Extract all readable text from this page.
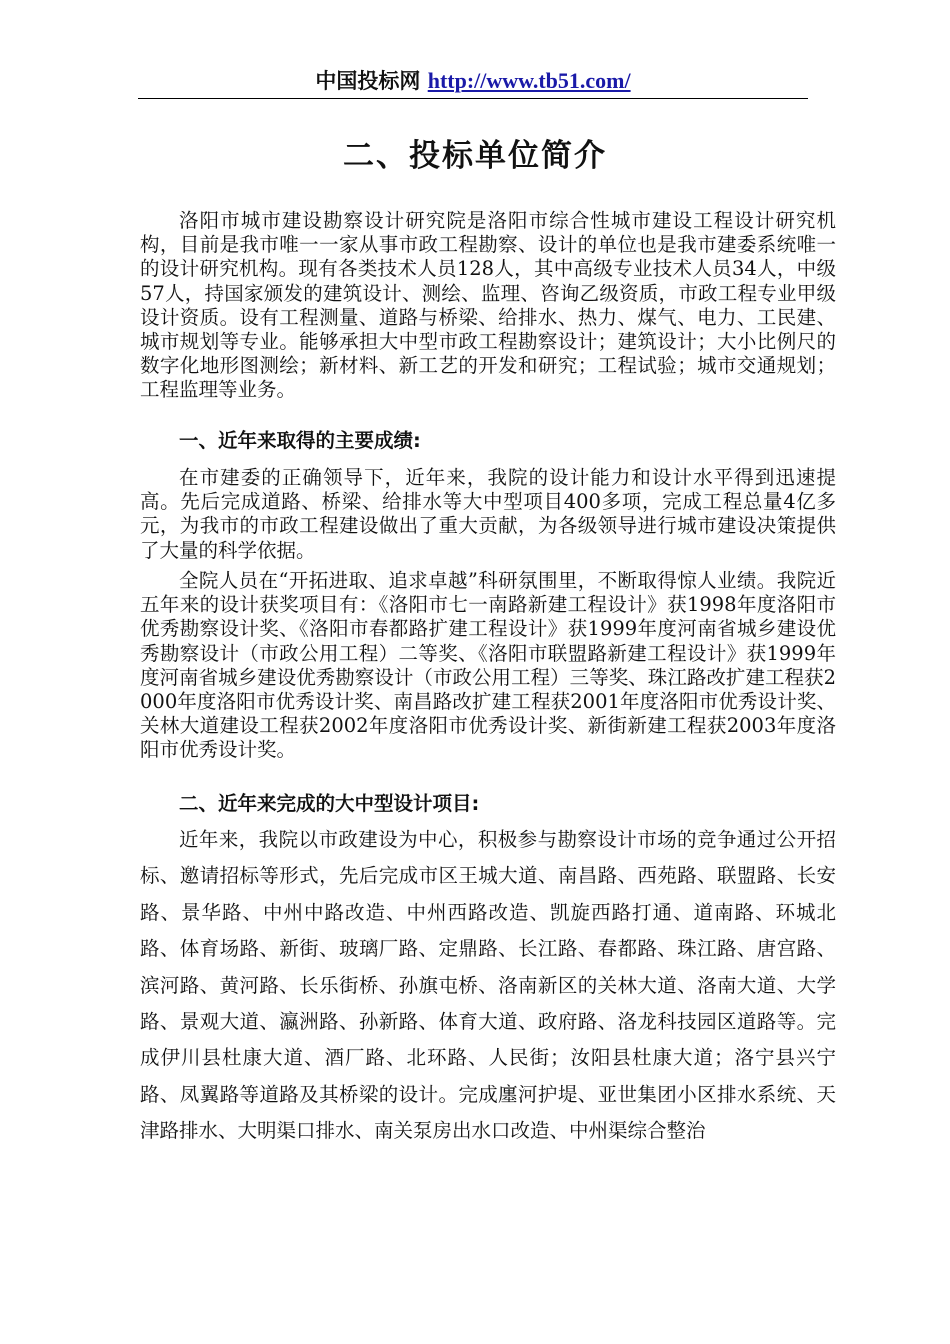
中国投标网 http://www.tb51.com/
二、投标单位简介

洛阳市城市建设勘察设计研究院是洛阳市综合性城市建设工程设计研究机构，目前是我市唯一一家从事市政工程勘察、设计的单位也是我市建委系统唯一的设计研究机构。现有各类技术人员128人，其中高级专业技术人员34人，中级57人，持国家颁发的建筑设计、测绘、监理、咨询乙级资质，市政工程专业甲级设计资质。设有工程测量、道路与桥梁、给排水、热力、煤气、电力、工民建、城市规划等专业。能够承担大中型市政工程勘察设计；建筑设计；大小比例尺的数字化地形图测绘；新材料、新工艺的开发和研究；工程试验；城市交通规划；工程监理等业务。

一、近年来取得的主要成绩:

在市建委的正确领导下，近年来，我院的设计能力和设计水平得到迅速提高。先后完成道路、桥梁、给排水等大中型项目400多项，完成工程总量4亿多元，为我市的市政工程建设做出了重大贡献，为各级领导进行城市建设决策提供了大量的科学依据。

全院人员在“开拓进取、追求卓越”科研氛围里，不断取得惊人业绩。我院近五年来的设计获奖项目有：《洛阳市七一南路新建工程设计》获1998年度洛阳市优秀勘察设计奖、《洛阳市春都路扩建工程设计》获1999年度河南省城乡建设优秀勘察设计（市政公用工程）二等奖、《洛阳市联盟路新建工程设计》获1999年度河南省城乡建设优秀勘察设计（市政公用工程）三等奖、珠江路改扩建工程获2000年度洛阳市优秀设计奖、南昌路改扩建工程获2001年度洛阳市优秀设计奖、关林大道建设工程获2002年度洛阳市优秀设计奖、新街新建工程获2003年度洛阳市优秀设计奖。

二、近年来完成的大中型设计项目:

近年来，我院以市政建设为中心，积极参与勘察设计市场的竞争通过公开招标、邀请招标等形式，先后完成市区王城大道、南昌路、西苑路、联盟路、长安路、景华路、中州中路改造、中州西路改造、凯旋西路打通、道南路、环城北路、体育场路、新街、玻璃厂路、定鼎路、长江路、春都路、珠江路、唐宫路、滨河路、黄河路、长乐街桥、孙旗屯桥、洛南新区的关林大道、洛南大道、大学路、景观大道、瀛洲路、孙新路、体育大道、政府路、洛龙科技园区道路等。完成伊川县杜康大道、酒厂路、北环路、人民街；汝阳县杜康大道；洛宁县兴宁路、凤翼路等道路及其桥梁的设计。完成廛河护堤、亚世集团小区排水系统、天津路排水、大明渠口排水、南关泵房出水口改造、中州渠综合整治
